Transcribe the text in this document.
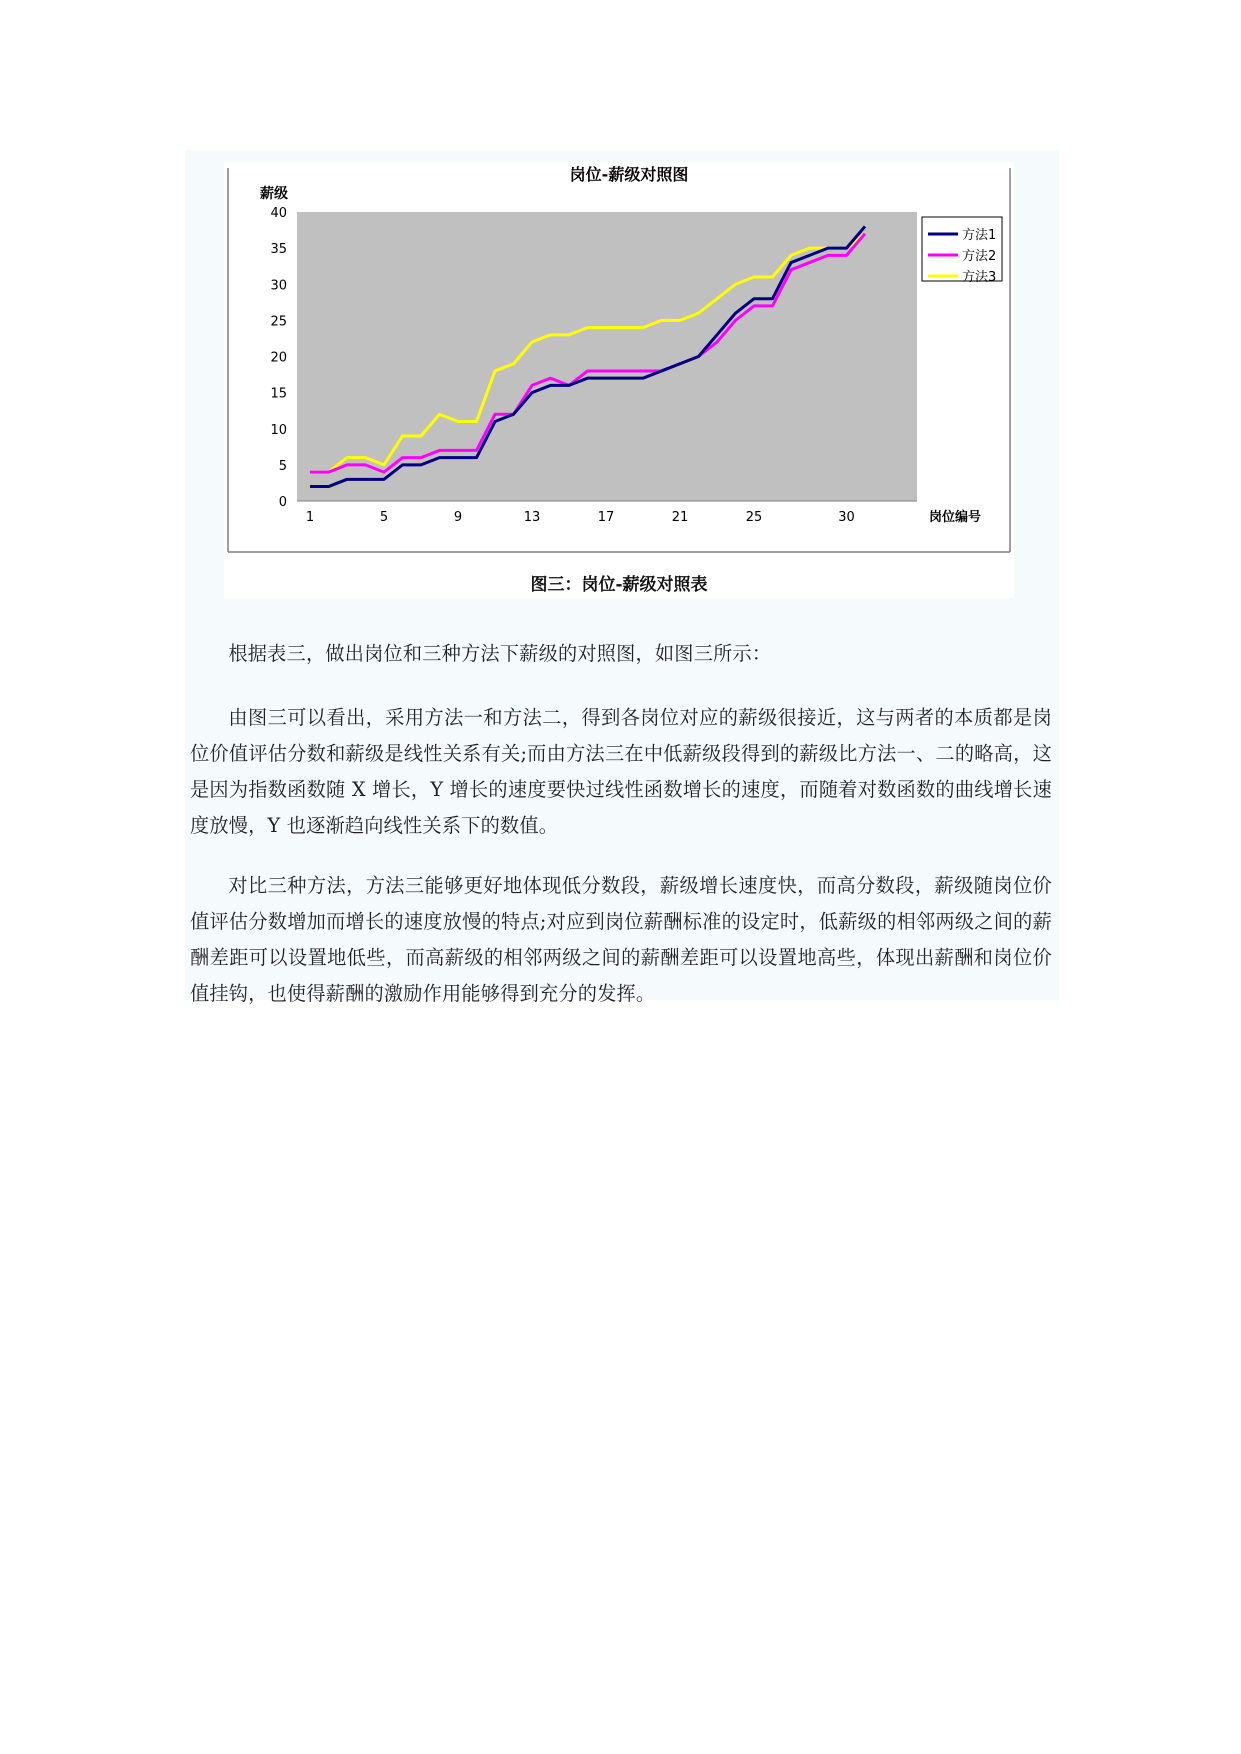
岗位-薪级对照图
薪级
岗位编号
0
5
10
15
20
25
30
35
40
1	5	9	13	17	21	25	30
方法1
方法2
方法3
图三：岗位-薪级对照表

根据表三，做出岗位和三种方法下薪级的对照图，如图三所示：

由图三可以看出，采用方法一和方法二，得到各岗位对应的薪级很接近，这与两者的本质都是岗位价值评估分数和薪级是线性关系有关;而由方法三在中低薪级段得到的薪级比方法一、二的略高，这是因为指数函数随 X 增长，Y 增长的速度要快过线性函数增长的速度，而随着对数函数的曲线增长速度放慢，Y 也逐渐趋向线性关系下的数值。

对比三种方法，方法三能够更好地体现低分数段，薪级增长速度快，而高分数段，薪级随岗位价值评估分数增加而增长的速度放慢的特点;对应到岗位薪酬标准的设定时，低薪级的相邻两级之间的薪酬差距可以设置地低些，而高薪级的相邻两级之间的薪酬差距可以设置地高些，体现出薪酬和岗位价值挂钩，也使得薪酬的激励作用能够得到充分的发挥。
